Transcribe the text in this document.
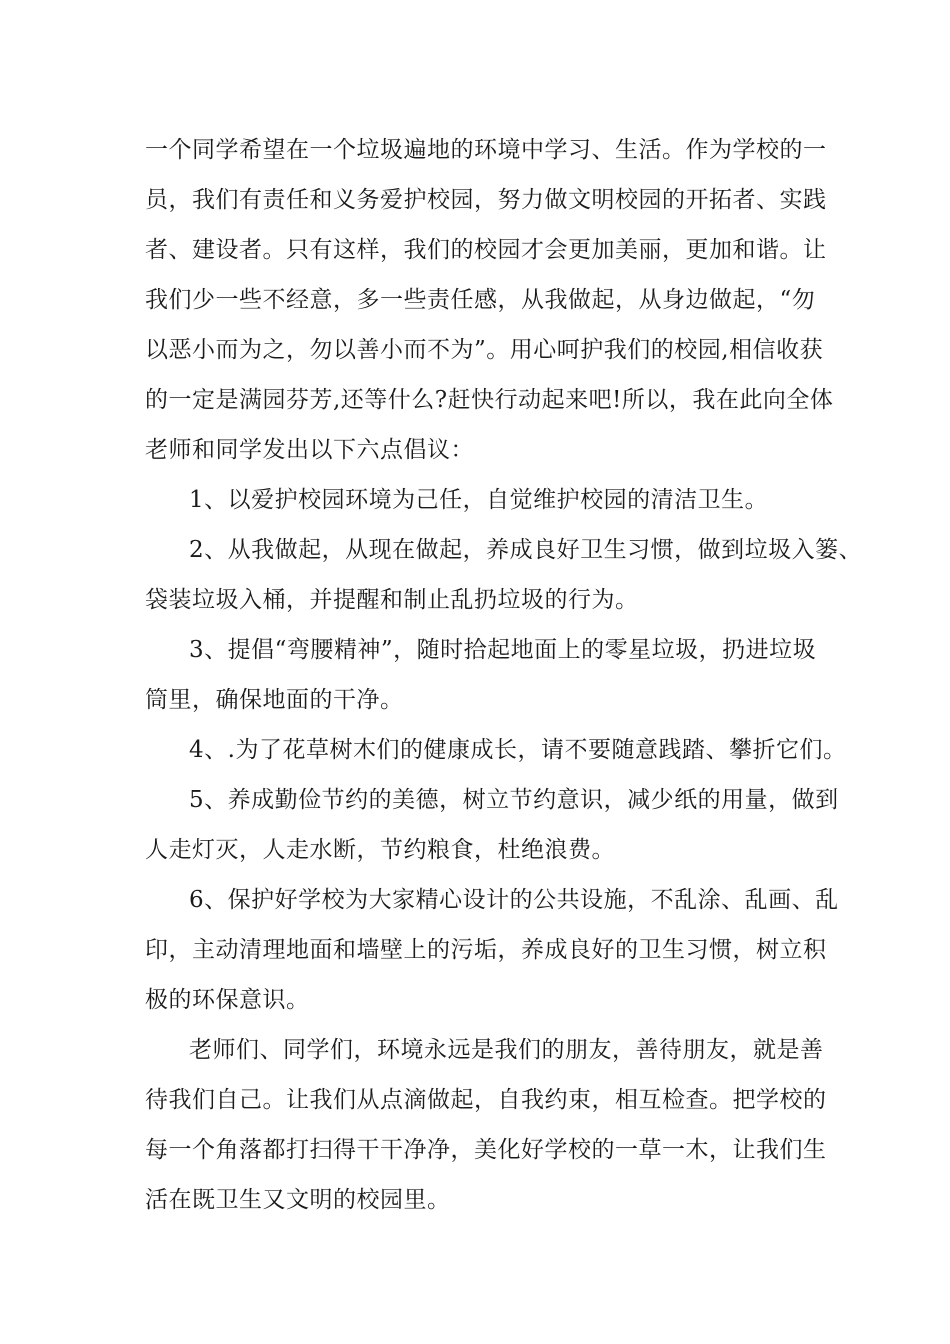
一个同学希望在一个垃圾遍地的环境中学习、生活。作为学校的一
员，我们有责任和义务爱护校园，努力做文明校园的开拓者、实践
者、建设者。只有这样，我们的校园才会更加美丽，更加和谐。让
我们少一些不经意，多一些责任感，从我做起，从身边做起，“勿
以恶小而为之，勿以善小而不为”。用心呵护我们的校园,相信收获
的一定是满园芬芳,还等什么?赶快行动起来吧!所以，我在此向全体
老师和同学发出以下六点倡议：
1、以爱护校园环境为己任，自觉维护校园的清洁卫生。
2、从我做起，从现在做起，养成良好卫生习惯，做到垃圾入篓、
袋装垃圾入桶，并提醒和制止乱扔垃圾的行为。
3、提倡“弯腰精神”，随时拾起地面上的零星垃圾，扔进垃圾
筒里，确保地面的干净。
4、.为了花草树木们的健康成长，请不要随意践踏、攀折它们。
5、养成勤俭节约的美德，树立节约意识，减少纸的用量，做到
人走灯灭，人走水断，节约粮食，杜绝浪费。
6、保护好学校为大家精心设计的公共设施，不乱涂、乱画、乱
印，主动清理地面和墙壁上的污垢，养成良好的卫生习惯，树立积
极的环保意识。
老师们、同学们，环境永远是我们的朋友，善待朋友，就是善
待我们自己。让我们从点滴做起，自我约束，相互检查。把学校的
每一个角落都打扫得干干净净，美化好学校的一草一木，让我们生
活在既卫生又文明的校园里。
